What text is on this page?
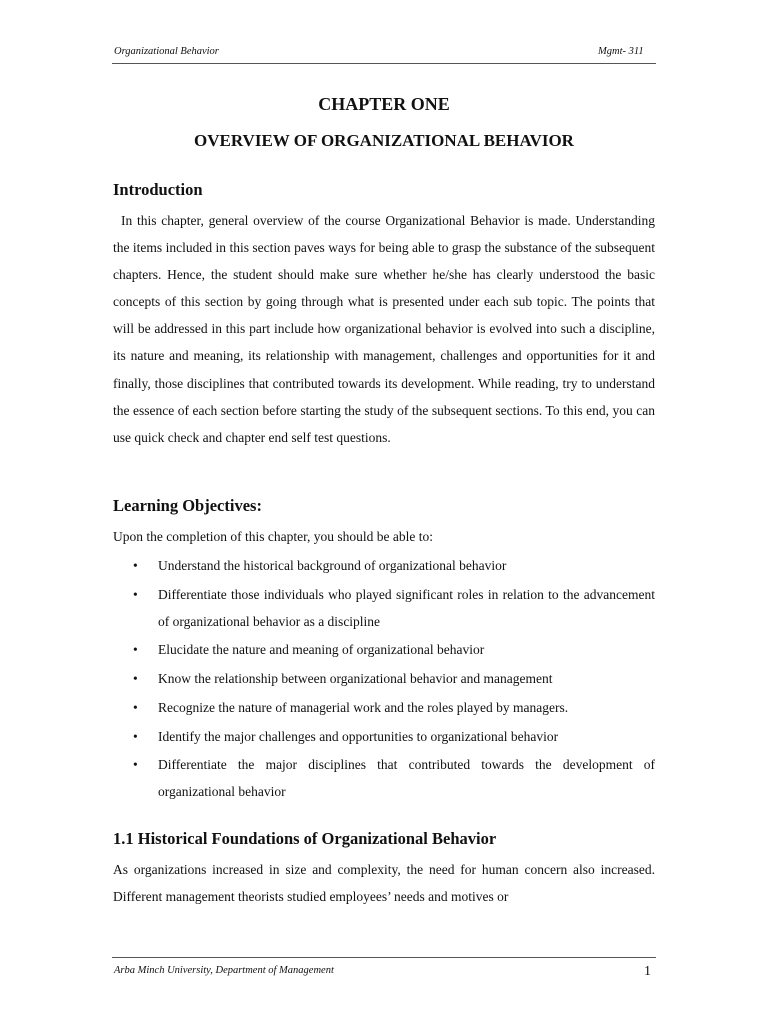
Organizational Behavior	Mgmt- 311
CHAPTER ONE
OVERVIEW OF ORGANIZATIONAL BEHAVIOR
Introduction

In this chapter, general overview of the course Organizational Behavior is made. Understanding the items included in this section paves ways for being able to grasp the substance of the subsequent chapters. Hence, the student should make sure whether he/she has clearly understood the basic concepts of this section by going through what is presented under each sub topic. The points that will be addressed in this part include how organizational behavior is evolved into such a discipline, its nature and meaning, its relationship with management, challenges and opportunities for it and finally, those disciplines that contributed towards its development. While reading, try to understand the essence of each section before starting the study of the subsequent sections. To this end, you can use quick check and chapter end self test questions.

Learning Objectives:

Upon the completion of this chapter, you should be able to:

• Understand the historical background of organizational behavior
• Differentiate those individuals who played significant roles in relation to the advancement of organizational behavior as a discipline
• Elucidate the nature and meaning of organizational behavior
• Know the relationship between organizational behavior and management
• Recognize the nature of managerial work and the roles played by managers.
• Identify the major challenges and opportunities to organizational behavior
• Differentiate the major disciplines that contributed towards the development of organizational behavior
1.1 Historical Foundations of Organizational Behavior

As organizations increased in size and complexity, the need for human concern also increased. Different management theorists studied employees’ needs and motives or

Arba Minch University, Department of Management	1
